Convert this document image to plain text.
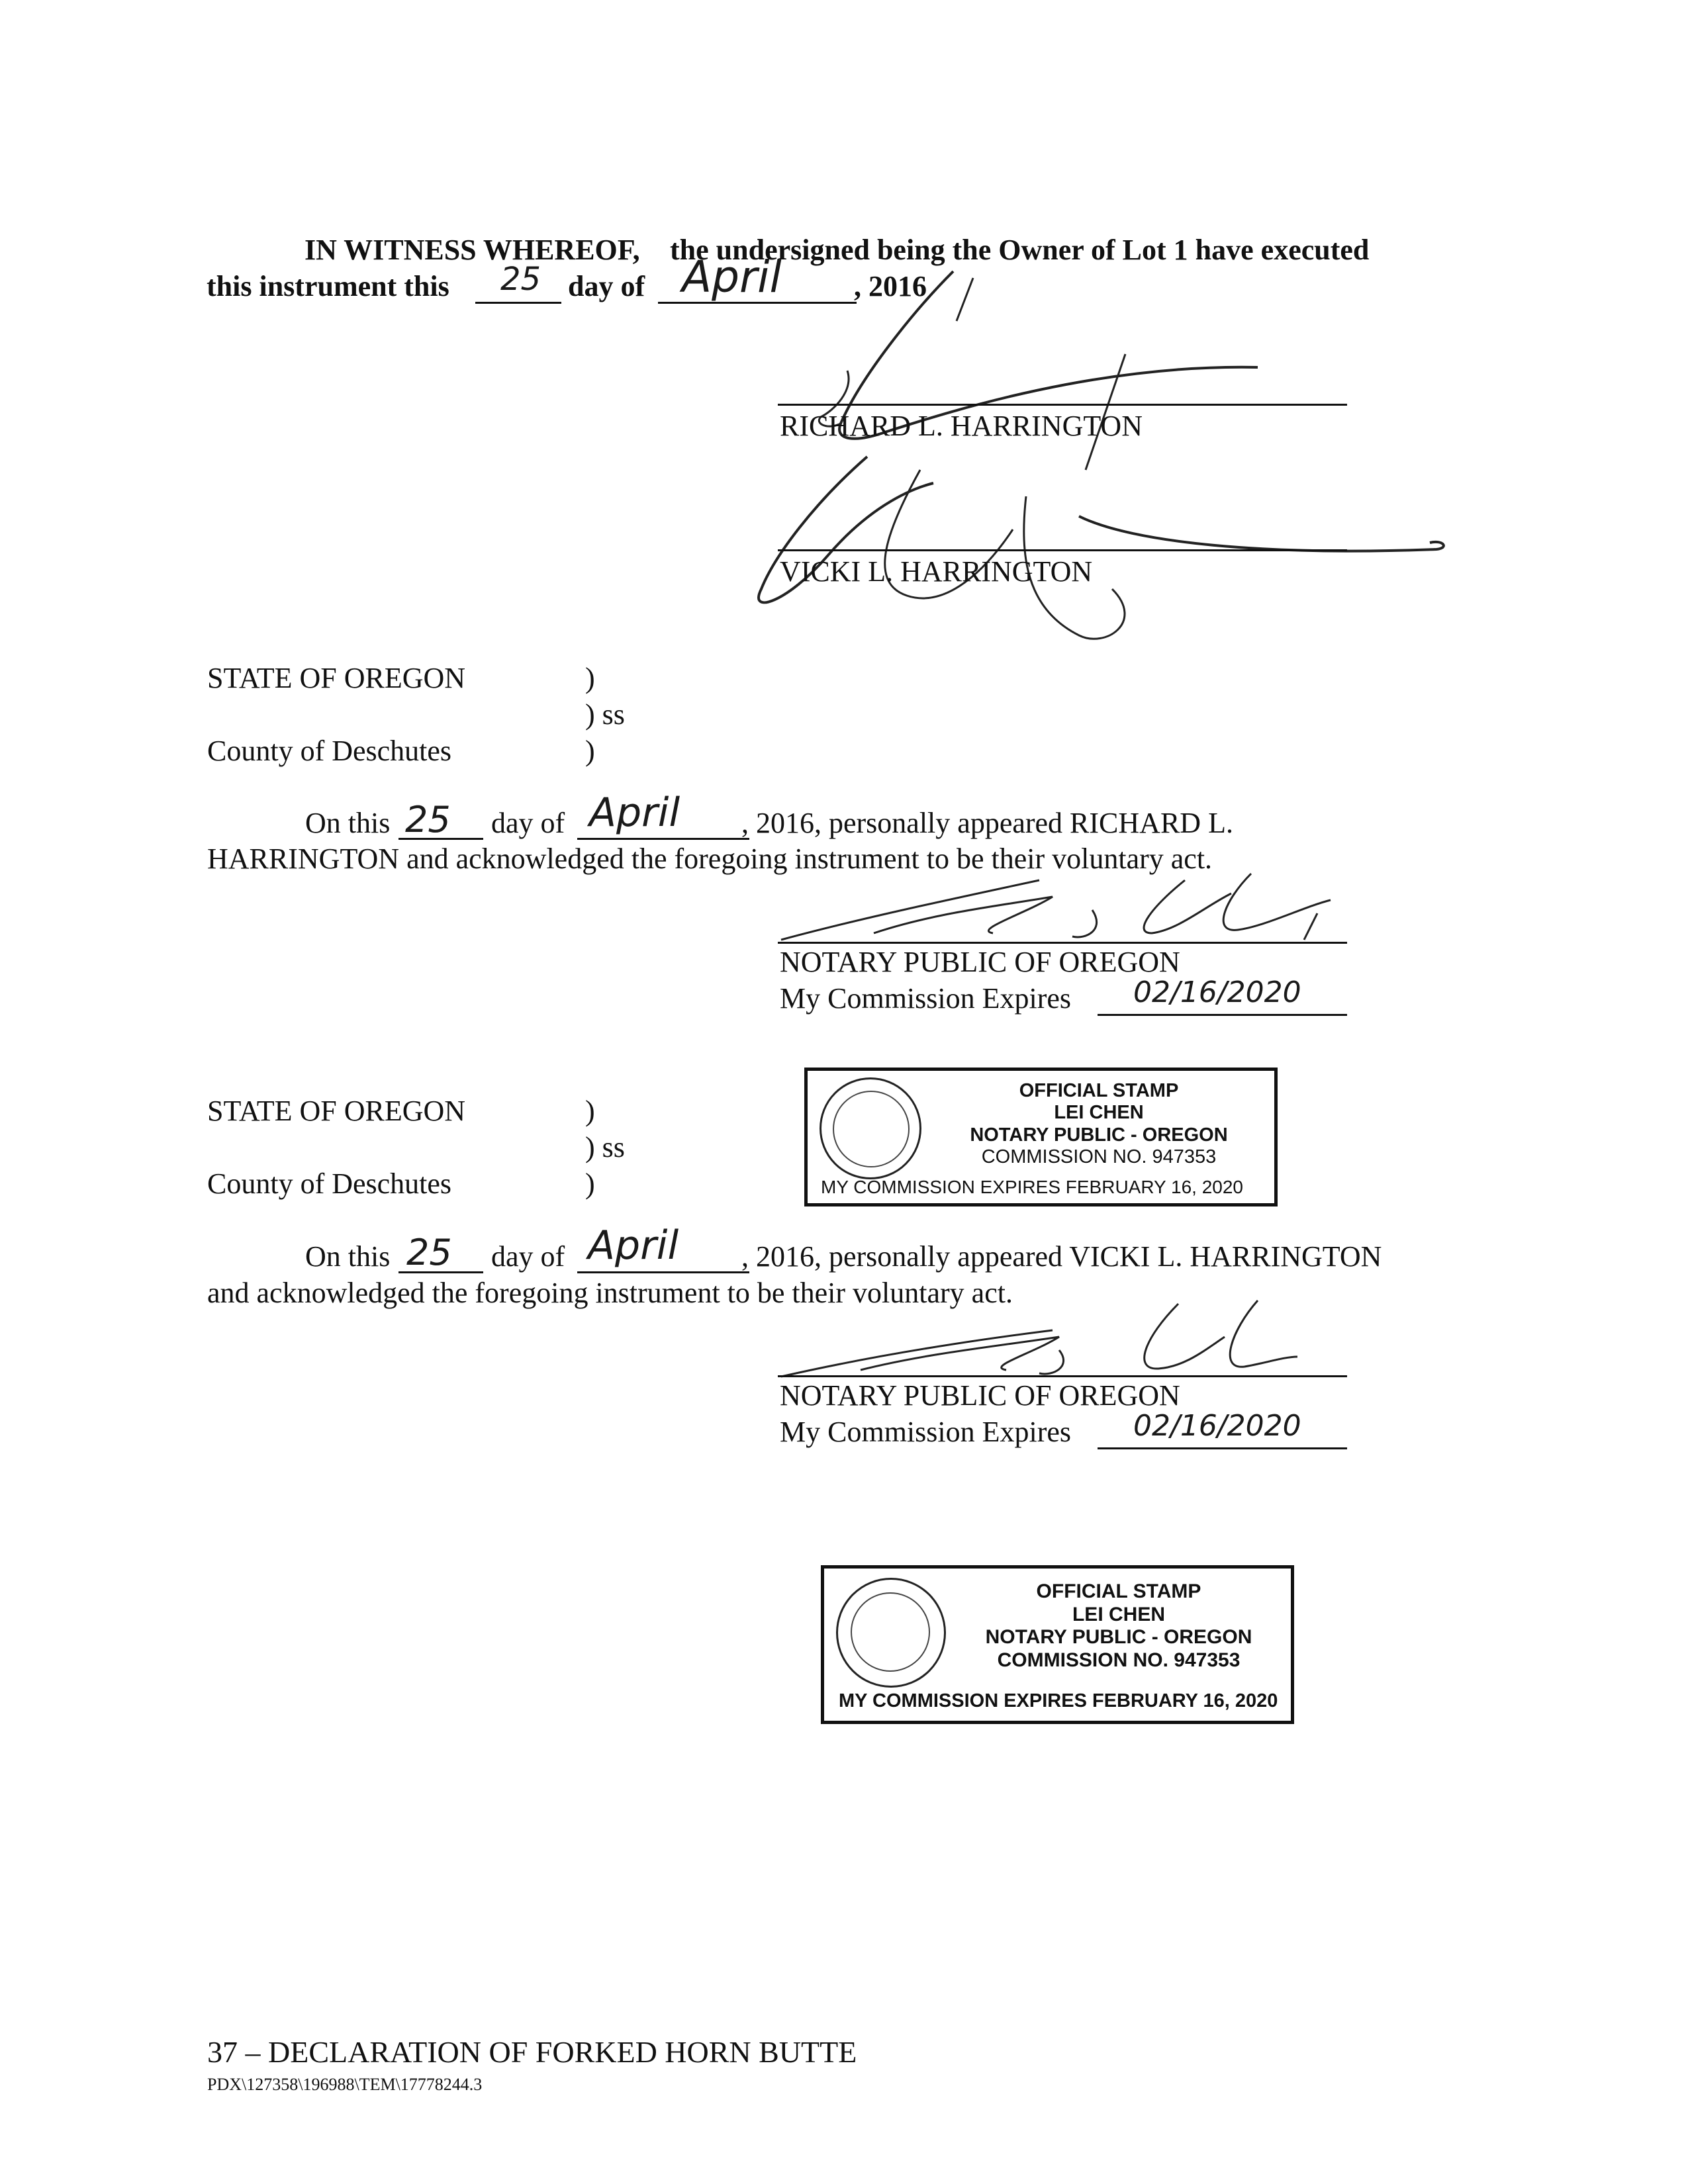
IN WITNESS WHEREOF, the undersigned being the Owner of Lot 1 have executed
this instrument this 25 day of April , 2016
RICHARD L. HARRINGTON
VICKI L. HARRINGTON
STATE OF OREGON	)
) ss
County of Deschutes	)
On this 25 day of April , 2016, personally appeared RICHARD L.
HARRINGTON and acknowledged the foregoing instrument to be their voluntary act.
NOTARY PUBLIC OF OREGON
My Commission Expires 02/16/2020
OFFICIAL STAMP
LEI CHEN
NOTARY PUBLIC - OREGON
COMMISSION NO. 947353
MY COMMISSION EXPIRES FEBRUARY 16, 2020
STATE OF OREGON	)
) ss
County of Deschutes	)
On this 25 day of April , 2016, personally appeared VICKI L. HARRINGTON
and acknowledged the foregoing instrument to be their voluntary act.
NOTARY PUBLIC OF OREGON
My Commission Expires 02/16/2020
OFFICIAL STAMP
LEI CHEN
NOTARY PUBLIC - OREGON
COMMISSION NO. 947353
MY COMMISSION EXPIRES FEBRUARY 16, 2020
37 – DECLARATION OF FORKED HORN BUTTE
PDX\127358\196988\TEM\17778244.3
